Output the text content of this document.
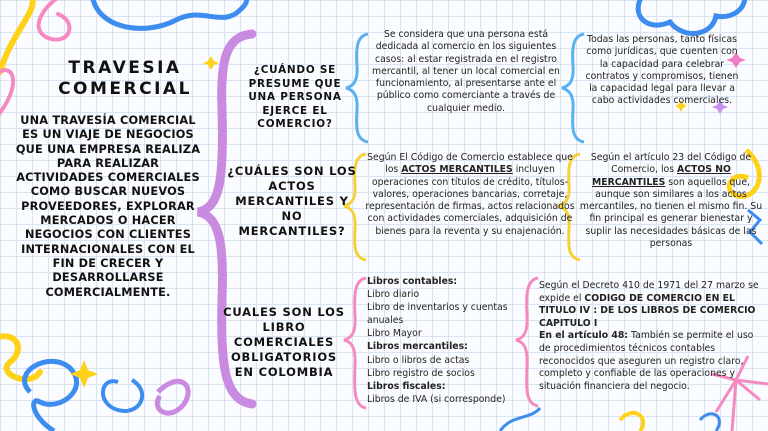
TRAVESIA COMERCIAL
UNA TRAVESÍA COMERCIAL ES UN VIAJE DE NEGOCIOS QUE UNA EMPRESA REALIZA PARA REALIZAR ACTIVIDADES COMERCIALES COMO BUSCAR NUEVOS PROVEEDORES, EXPLORAR MERCADOS O HACER NEGOCIOS CON CLIENTES INTERNACIONALES CON EL FIN DE CRECER Y DESARROLLARSE COMERCIALMENTE.
¿CUÁNDO SE PRESUME QUE UNA PERSONA EJERCE EL COMERCIO?
Se considera que una persona está dedicada al comercio en los siguientes casos: al estar registrada en el registro mercantil, al tener un local comercial en funcionamiento, al presentarse ante el público como comerciante a través de cualquier medio.
Todas las personas, tanto físicas como jurídicas, que cuenten con la capacidad para celebrar contratos y compromisos, tienen la capacidad legal para llevar a cabo actividades comerciales.
¿CUÁLES SON LOS ACTOS MERCANTILES Y NO MERCANTILES?
Según El Código de Comercio establece que los ACTOS MERCANTILES incluyen operaciones con títulos de crédito, títulos-valores, operaciones bancarias, corretaje, representación de firmas, actos relacionados con actividades comerciales, adquisición de bienes para la reventa y su enajenación.
Según el artículo 23 del Código de Comercio, los ACTOS NO MERCANTILES son aquellos que, aunque son similares a los actos mercantiles, no tienen el mismo fin. Su fin principal es generar bienestar y suplir las necesidades básicas de las personas
CUALES SON LOS LIBRO COMERCIALES OBLIGATORIOS EN COLOMBIA
Libros contables:
Libro diario
Libro de inventarios y cuentas anuales
Libro Mayor
Libros mercantiles:
Libro o libros de actas
Libro registro de socios
Libros fiscales:
Libros de IVA (si corresponde)
Según el Decreto 410 de 1971 del 27 marzo se expide el CODIGO DE COMERCIO EN EL TITULO IV : DE LOS LIBROS DE COMERCIO CAPITULO I
En el artículo 48: También se permite el uso de procedimientos técnicos contables reconocidos que aseguren un registro claro, completo y confiable de las operaciones y situación financiera del negocio.
